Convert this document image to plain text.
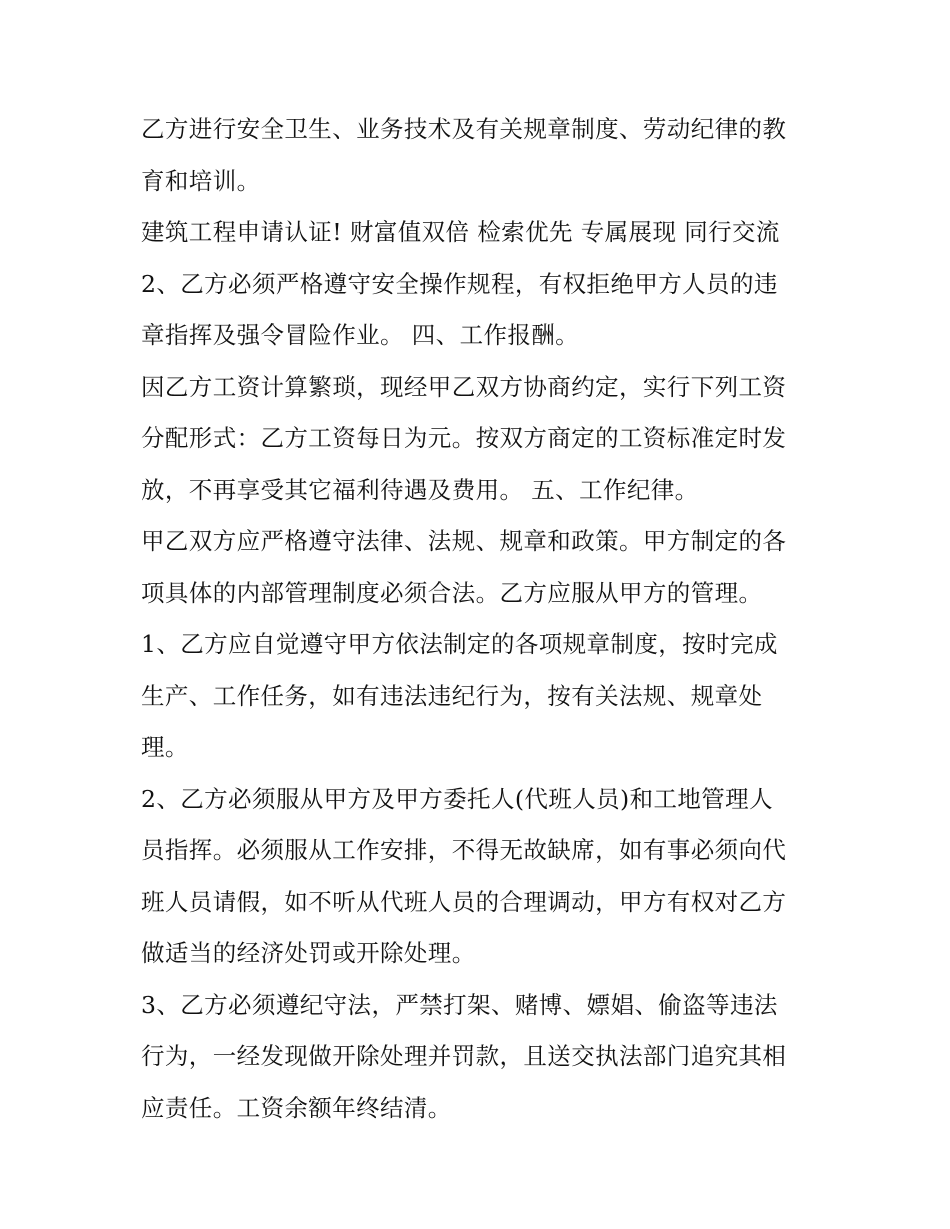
乙方进行安全卫生、业务技术及有关规章制度、劳动纪律的教
育和培训。
建筑工程申请认证! 财富值双倍 检索优先 专属展现 同行交流
2、乙方必须严格遵守安全操作规程，有权拒绝甲方人员的违
章指挥及强令冒险作业。 四、工作报酬。
因乙方工资计算繁琐，现经甲乙双方协商约定，实行下列工资
分配形式：乙方工资每日为元。按双方商定的工资标准定时发
放，不再享受其它福利待遇及费用。 五、工作纪律。
甲乙双方应严格遵守法律、法规、规章和政策。甲方制定的各
项具体的内部管理制度必须合法。乙方应服从甲方的管理。
1、乙方应自觉遵守甲方依法制定的各项规章制度，按时完成
生产、工作任务，如有违法违纪行为，按有关法规、规章处
理。
2、乙方必须服从甲方及甲方委托人(代班人员)和工地管理人
员指挥。必须服从工作安排，不得无故缺席，如有事必须向代
班人员请假，如不听从代班人员的合理调动，甲方有权对乙方
做适当的经济处罚或开除处理。
3、乙方必须遵纪守法，严禁打架、赌博、嫖娼、偷盗等违法
行为，一经发现做开除处理并罚款，且送交执法部门追究其相
应责任。工资余额年终结清。
